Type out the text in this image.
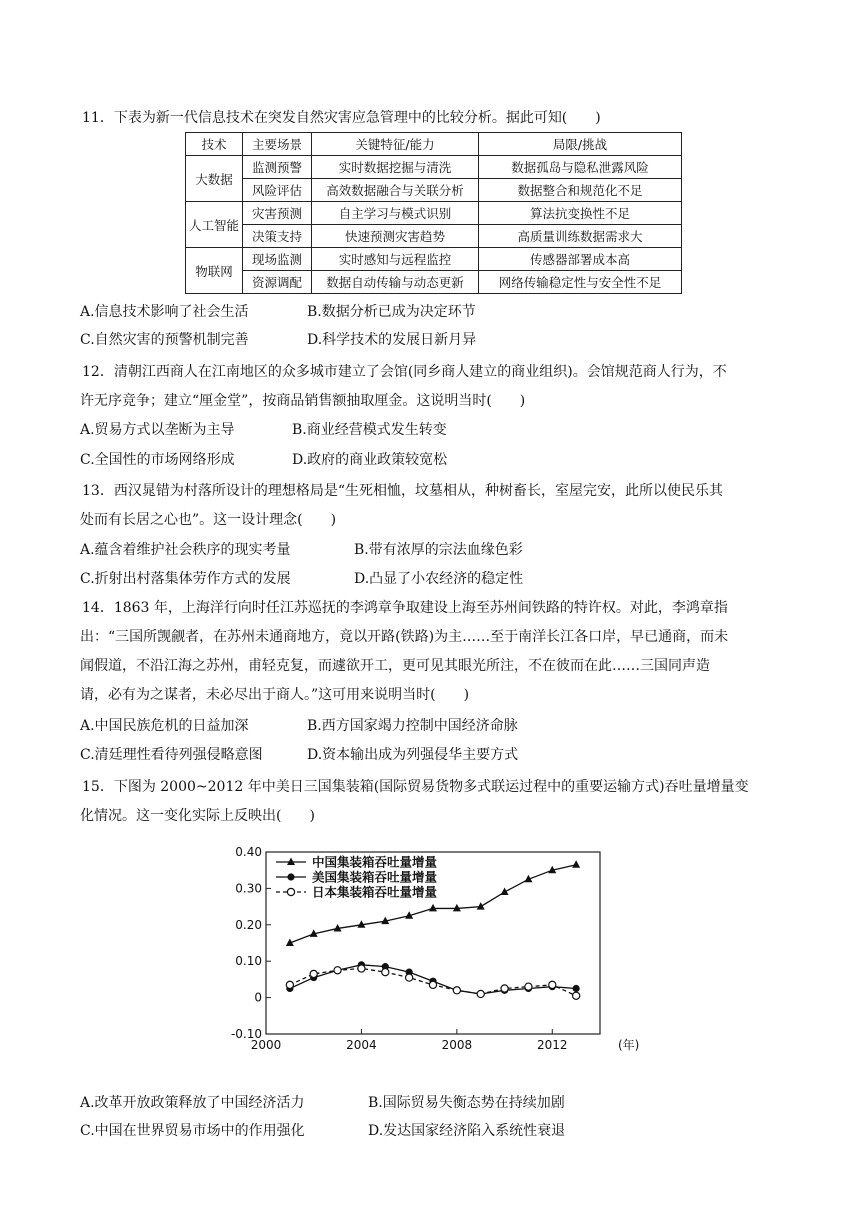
11．下表为新一代信息技术在突发自然灾害应急管理中的比较分析。据此可知(　　)
技术	主要场景	关键特征/能力	局限/挑战
大数据	监测预警	实时数据挖掘与清洗	数据孤岛与隐私泄露风险
	风险评估	高效数据融合与关联分析	数据整合和规范化不足
人工智能	灾害预测	自主学习与模式识别	算法抗变换性不足
	决策支持	快速预测灾害趋势	高质量训练数据需求大
物联网	现场监测	实时感知与远程监控	传感器部署成本高
	资源调配	数据自动传输与动态更新	网络传输稳定性与安全性不足
A.信息技术影响了社会生活	B.数据分析已成为决定环节
C.自然灾害的预警机制完善	D.科学技术的发展日新月异
12．清朝江西商人在江南地区的众多城市建立了会馆(同乡商人建立的商业组织)。会馆规范商人行为，不
许无序竞争；建立“厘金堂”，按商品销售额抽取厘金。这说明当时(　　)
A.贸易方式以垄断为主导	B.商业经营模式发生转变
C.全国性的市场网络形成	D.政府的商业政策较宽松
13．西汉晁错为村落所设计的理想格局是“生死相恤，坟墓相从，种树畜长，室屋完安，此所以使民乐其
处而有长居之心也”。这一设计理念(　　)
A.蕴含着维护社会秩序的现实考量	B.带有浓厚的宗法血缘色彩
C.折射出村落集体劳作方式的发展	D.凸显了小农经济的稳定性
14．1863 年，上海洋行向时任江苏巡抚的李鸿章争取建设上海至苏州间铁路的特许权。对此，李鸿章指
出：“三国所觊觎者，在苏州未通商地方，竟以开路(铁路)为主……至于南洋长江各口岸，早已通商，而未
闻假道，不沿江海之苏州，甫轻克复，而遽欲开工，更可见其眼光所注，不在彼而在此……三国同声造
请，必有为之谋者，未必尽出于商人。”这可用来说明当时(　　)
A.中国民族危机的日益加深	B.西方国家竭力控制中国经济命脉
C.清廷理性看待列强侵略意图	D.资本输出成为列强侵华主要方式
15．下图为 2000~2012 年中美日三国集装箱(国际贸易货物多式联运过程中的重要运输方式)吞吐量增量变
化情况。这一变化实际上反映出(　　)
0.40
0.30
0.20
0.10
0
-0.10
2000	2004	2008	2012	(年)
中国集装箱吞吐量增量
美国集装箱吞吐量增量
日本集装箱吞吐量增量
A.改革开放政策释放了中国经济活力	B.国际贸易失衡态势在持续加剧
C.中国在世界贸易市场中的作用强化	D.发达国家经济陷入系统性衰退
